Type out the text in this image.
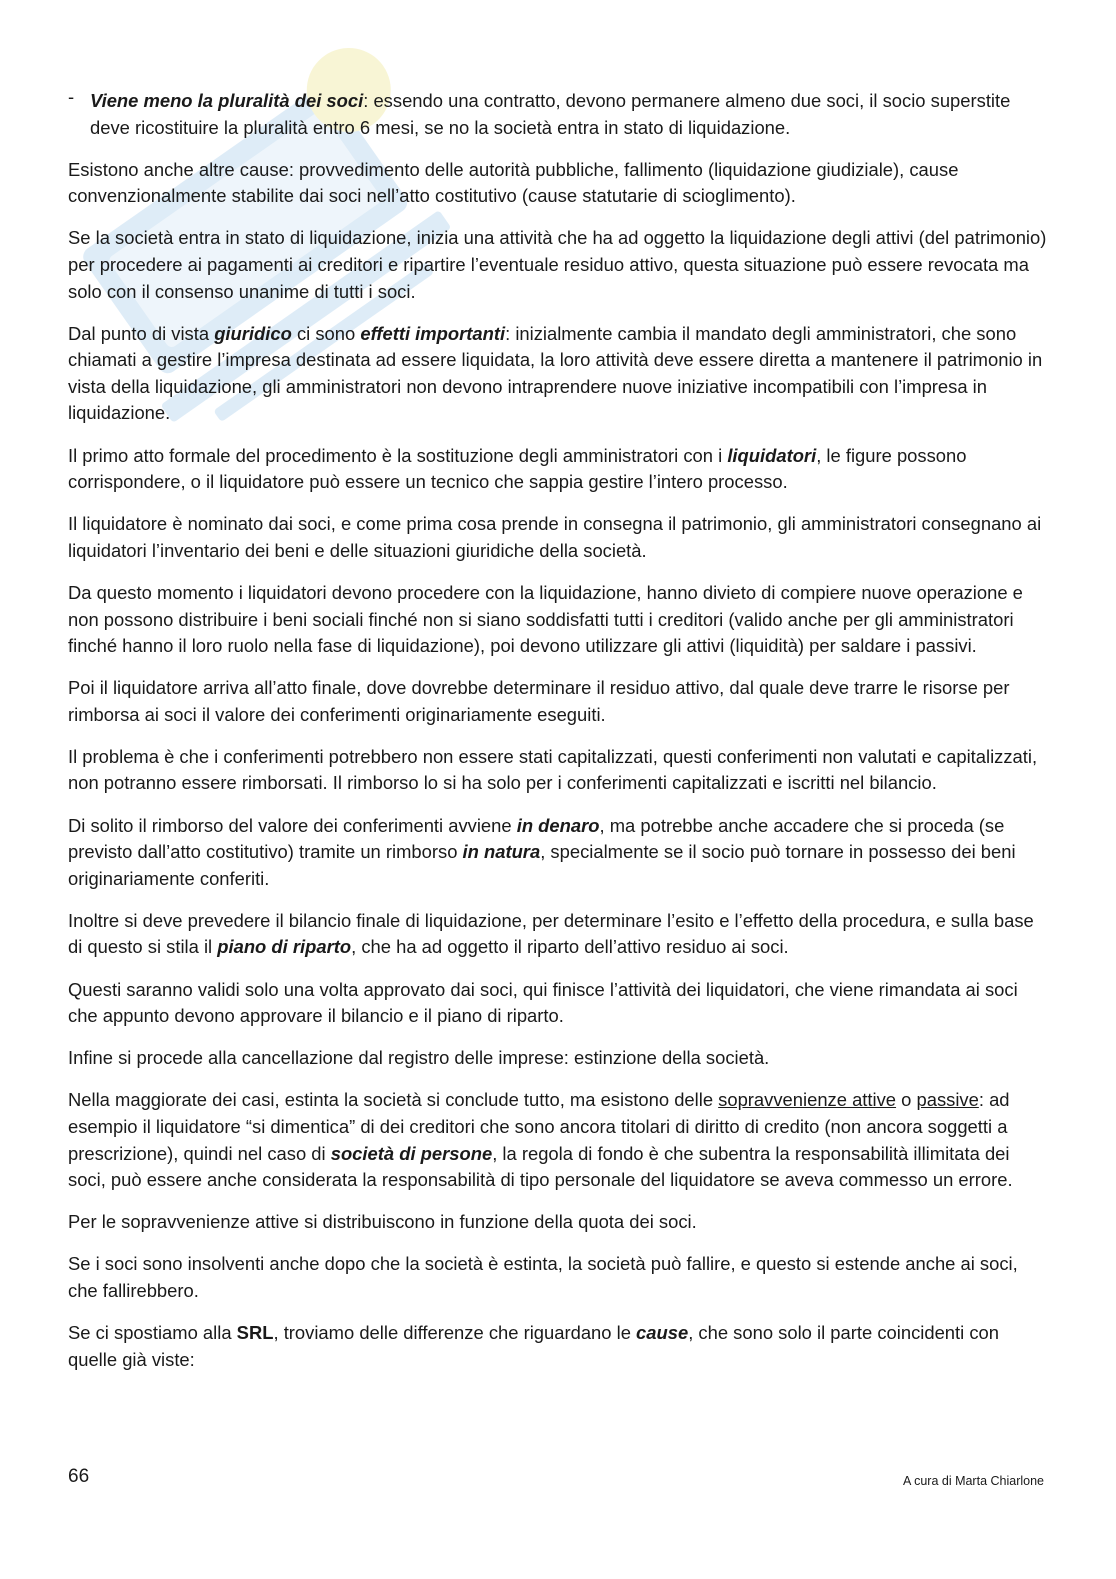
- Viene meno la pluralità dei soci: essendo una contratto, devono permanere almeno due soci, il socio superstite deve ricostituire la pluralità entro 6 mesi, se no la società entra in stato di liquidazione.

Esistono anche altre cause: provvedimento delle autorità pubbliche, fallimento (liquidazione giudiziale), cause convenzionalmente stabilite dai soci nell’atto costitutivo (cause statutarie di scioglimento).

Se la società entra in stato di liquidazione, inizia una attività che ha ad oggetto la liquidazione degli attivi (del patrimonio) per procedere ai pagamenti ai creditori e ripartire l’eventuale residuo attivo, questa situazione può essere revocata ma solo con il consenso unanime di tutti i soci.

Dal punto di vista giuridico ci sono effetti importanti: inizialmente cambia il mandato degli amministratori, che sono chiamati a gestire l’impresa destinata ad essere liquidata, la loro attività deve essere diretta a mantenere il patrimonio in vista della liquidazione, gli amministratori non devono intraprendere nuove iniziative incompatibili con l’impresa in liquidazione.

Il primo atto formale del procedimento è la sostituzione degli amministratori con i liquidatori, le figure possono corrispondere, o il liquidatore può essere un tecnico che sappia gestire l’intero processo.

Il liquidatore è nominato dai soci, e come prima cosa prende in consegna il patrimonio, gli amministratori consegnano ai liquidatori l’inventario dei beni e delle situazioni giuridiche della società.

Da questo momento i liquidatori devono procedere con la liquidazione, hanno divieto di compiere nuove operazione e non possono distribuire i beni sociali finché non si siano soddisfatti tutti i creditori (valido anche per gli amministratori finché hanno il loro ruolo nella fase di liquidazione), poi devono utilizzare gli attivi (liquidità) per saldare i passivi.

Poi il liquidatore arriva all’atto finale, dove dovrebbe determinare il residuo attivo, dal quale deve trarre le risorse per rimborsa ai soci il valore dei conferimenti originariamente eseguiti.

Il problema è che i conferimenti potrebbero non essere stati capitalizzati, questi conferimenti non valutati e capitalizzati, non potranno essere rimborsati. Il rimborso lo si ha solo per i conferimenti capitalizzati e iscritti nel bilancio.

Di solito il rimborso del valore dei conferimenti avviene in denaro, ma potrebbe anche accadere che si proceda (se previsto dall’atto costitutivo) tramite un rimborso in natura, specialmente se il socio può tornare in possesso dei beni originariamente conferiti.

Inoltre si deve prevedere il bilancio finale di liquidazione, per determinare l’esito e l’effetto della procedura, e sulla base di questo si stila il piano di riparto, che ha ad oggetto il riparto dell’attivo residuo ai soci.

Questi saranno validi solo una volta approvato dai soci, qui finisce l’attività dei liquidatori, che viene rimandata ai soci che appunto devono approvare il bilancio e il piano di riparto.

Infine si procede alla cancellazione dal registro delle imprese: estinzione della società.

Nella maggiorate dei casi, estinta la società si conclude tutto, ma esistono delle sopravvenienze attive o passive: ad esempio il liquidatore “si dimentica” di dei creditori che sono ancora titolari di diritto di credito (non ancora soggetti a prescrizione), quindi nel caso di società di persone, la regola di fondo è che subentra la responsabilità illimitata dei soci, può essere anche considerata la responsabilità di tipo personale del liquidatore se aveva commesso un errore.

Per le sopravvenienze attive si distribuiscono in funzione della quota dei soci.

Se i soci sono insolventi anche dopo che la società è estinta, la società può fallire, e questo si estende anche ai soci, che fallirebbero.

Se ci spostiamo alla SRL, troviamo delle differenze che riguardano le cause, che sono solo il parte coincidenti con quelle già viste:

66	A cura di Marta Chiarlone
